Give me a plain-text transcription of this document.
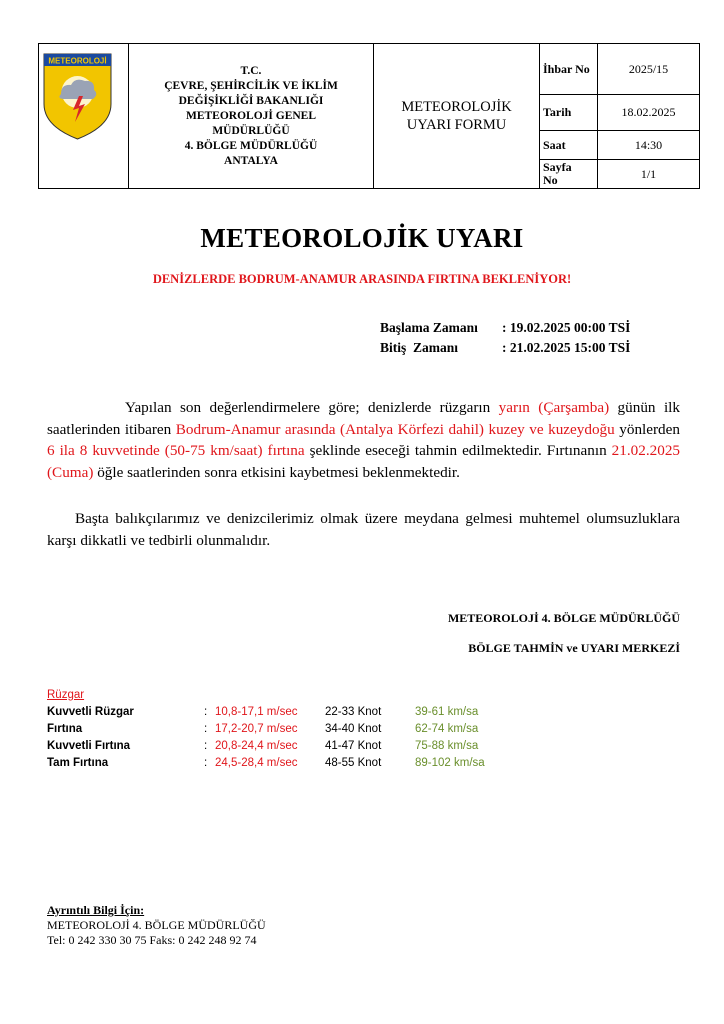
METEOROLOJİ
T.C.
ÇEVRE, ŞEHİRCİLİK VE İKLİM
DEĞİŞİKLİĞİ BAKANLIĞI
METEOROLOJİ GENEL
MÜDÜRLÜĞÜ
4. BÖLGE MÜDÜRLÜĞÜ
ANTALYA
METEOROLOJİK
UYARI FORMU
İhbar No	2025/15
Tarih	18.02.2025
Saat	14:30
Sayfa No	1/1
METEOROLOJİK UYARI
DENİZLERDE BODRUM-ANAMUR ARASINDA FIRTINA BEKLENİYOR!
Başlama Zamanı	: 19.02.2025 00:00 TSİ
Bitiş  Zamanı	: 21.02.2025 15:00 TSİ
Yapılan son değerlendirmelere göre; denizlerde rüzgarın yarın (Çarşamba) günün ilk saatlerinden itibaren Bodrum-Anamur arasında (Antalya Körfezi dahil) kuzey ve kuzeydoğu yönlerden 6 ila 8 kuvvetinde (50-75 km/saat) fırtına şeklinde eseceği tahmin edilmektedir. Fırtınanın 21.02.2025 (Cuma) öğle saatlerinden sonra etkisini kaybetmesi beklenmektedir.
Başta balıkçılarımız ve denizcilerimiz olmak üzere meydana gelmesi muhtemel olumsuzluklara karşı dikkatli ve tedbirli olunmalıdır.
METEOROLOJİ 4. BÖLGE MÜDÜRLÜĞÜ
BÖLGE TAHMİN ve UYARI MERKEZİ
Rüzgar
Kuvvetli Rüzgar	: 10,8-17,1 m/sec	22-33 Knot	39-61 km/sa
Fırtına	: 17,2-20,7 m/sec	34-40 Knot	62-74 km/sa
Kuvvetli Fırtına	: 20,8-24,4 m/sec	41-47 Knot	75-88 km/sa
Tam Fırtına	: 24,5-28,4 m/sec	48-55 Knot	89-102 km/sa
Ayrıntılı Bilgi İçin:
METEOROLOJİ 4. BÖLGE MÜDÜRLÜĞÜ
Tel: 0 242 330 30 75 Faks: 0 242 248 92 74
